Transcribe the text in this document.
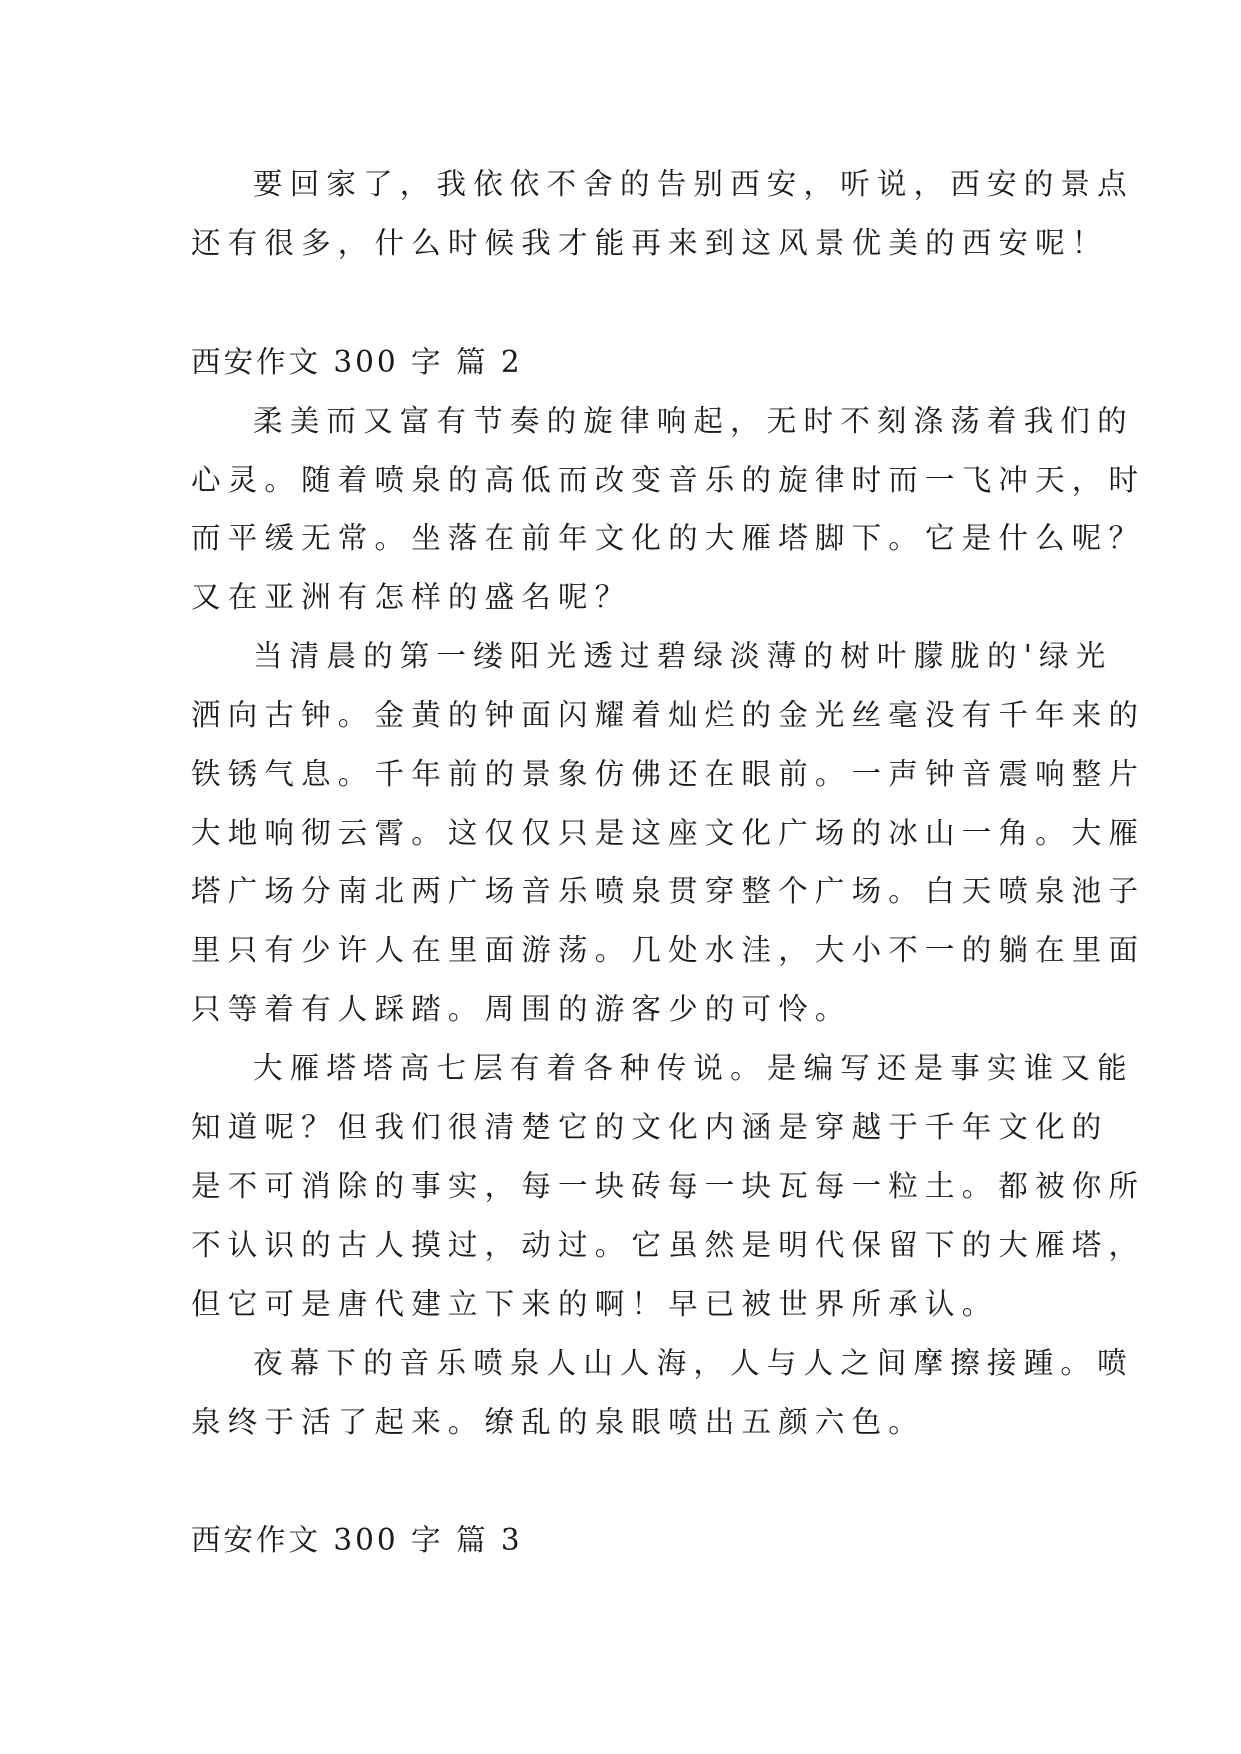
要回家了，我依依不舍的告别西安，听说，西安的景点
还有很多，什么时候我才能再来到这风景优美的西安呢！
西安作文 300 字 篇 2
柔美而又富有节奏的旋律响起，无时不刻涤荡着我们的
心灵。随着喷泉的高低而改变音乐的旋律时而一飞冲天，时
而平缓无常。坐落在前年文化的大雁塔脚下。它是什么呢？
又在亚洲有怎样的盛名呢？
当清晨的第一缕阳光透过碧绿淡薄的树叶朦胧的'绿光
洒向古钟。金黄的钟面闪耀着灿烂的金光丝毫没有千年来的
铁锈气息。千年前的景象仿佛还在眼前。一声钟音震响整片
大地响彻云霄。这仅仅只是这座文化广场的冰山一角。大雁
塔广场分南北两广场音乐喷泉贯穿整个广场。白天喷泉池子
里只有少许人在里面游荡。几处水洼，大小不一的躺在里面
只等着有人踩踏。周围的游客少的可怜。
大雁塔塔高七层有着各种传说。是编写还是事实谁又能
知道呢？但我们很清楚它的文化内涵是穿越于千年文化的
是不可消除的事实，每一块砖每一块瓦每一粒土。都被你所
不认识的古人摸过，动过。它虽然是明代保留下的大雁塔，
但它可是唐代建立下来的啊！早已被世界所承认。
夜幕下的音乐喷泉人山人海，人与人之间摩擦接踵。喷
泉终于活了起来。缭乱的泉眼喷出五颜六色。
西安作文 300 字 篇 3
